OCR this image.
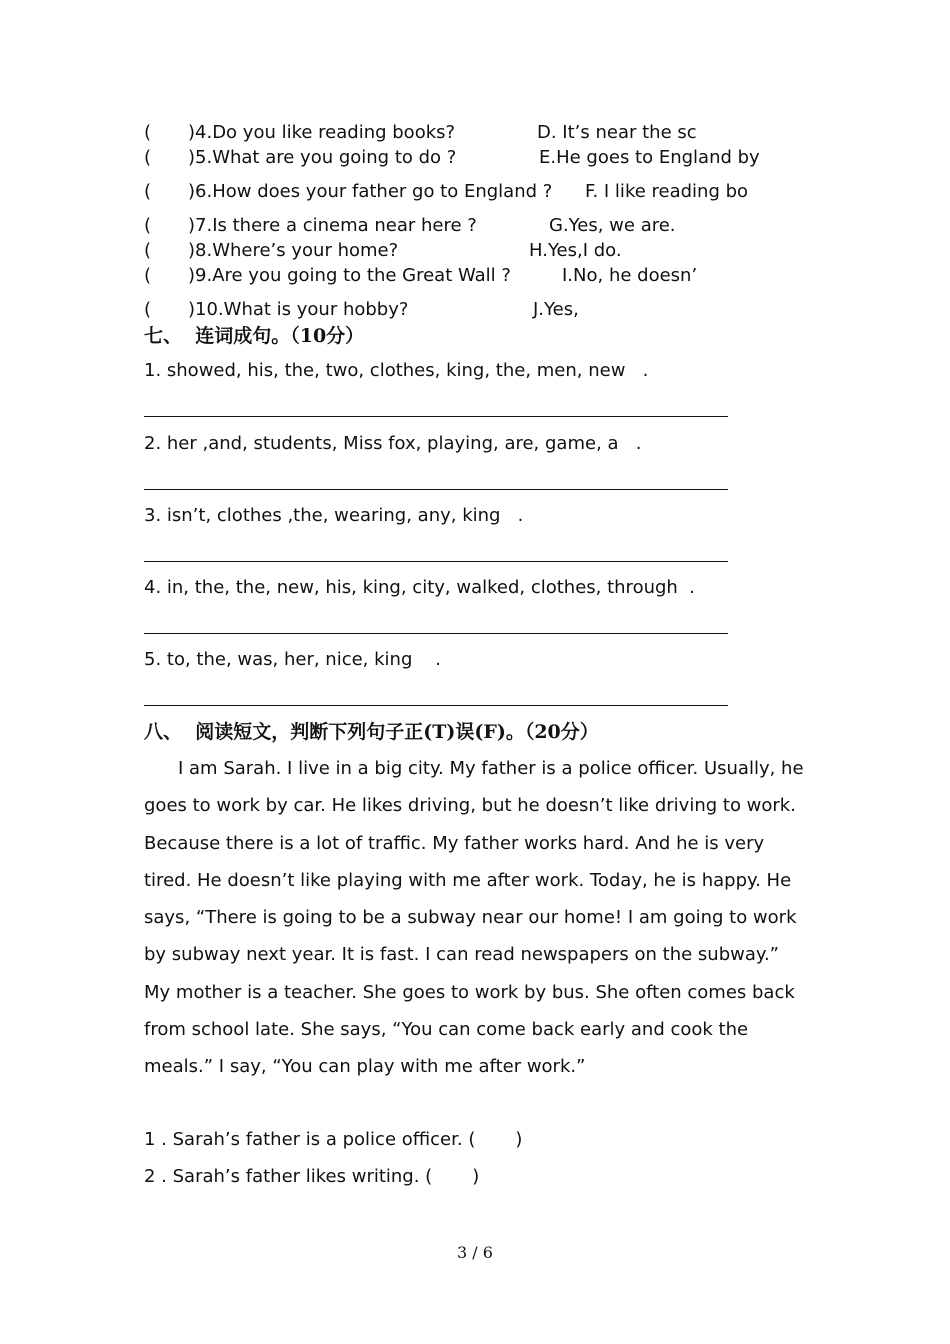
( )4.Do you like reading books?	D. It’s near the sc
( )5.What are you going to do ?	E.He goes to England by
( )6.How does your father go to England ? F. I like reading bo
( )7.Is there a cinema near here ?	G.Yes, we are.
( )8.Where’s your home?	H.Yes,I do.
( )9.Are you going to the Great Wall ?	I.No, he doesn’
( )10.What is your hobby?	J.Yes,
七、  连词成句。（10分）
1. showed, his, the, two, clothes, king, the, men, new   .
2. her ,and, students, Miss fox, playing, are, game, a   .
3. isn’t, clothes ,the, wearing, any, king   .
4. in, the, the, new, his, king, city, walked, clothes, through  .
5. to, the, was, her, nice, king    .
八、  阅读短文，判断下列句子正(T)误(F)。（20分）
I am Sarah. I live in a big city. My father is a police officer. Usually, he goes to work by car. He likes driving, but he doesn’t like driving to work. Because there is a lot of traffic. My father works hard. And he is very tired. He doesn’t like playing with me after work. Today, he is happy. He says, “There is going to be a subway near our home! I am going to work by subway next year. It is fast. I can read newspapers on the subway.” My mother is a teacher. She goes to work by bus. She often comes back from school late. She says, “You can come back early and cook the meals.” I say, “You can play with me after work.”
1 . Sarah’s father is a police officer. (       )
2 . Sarah’s father likes writing. (       )
3 / 6
